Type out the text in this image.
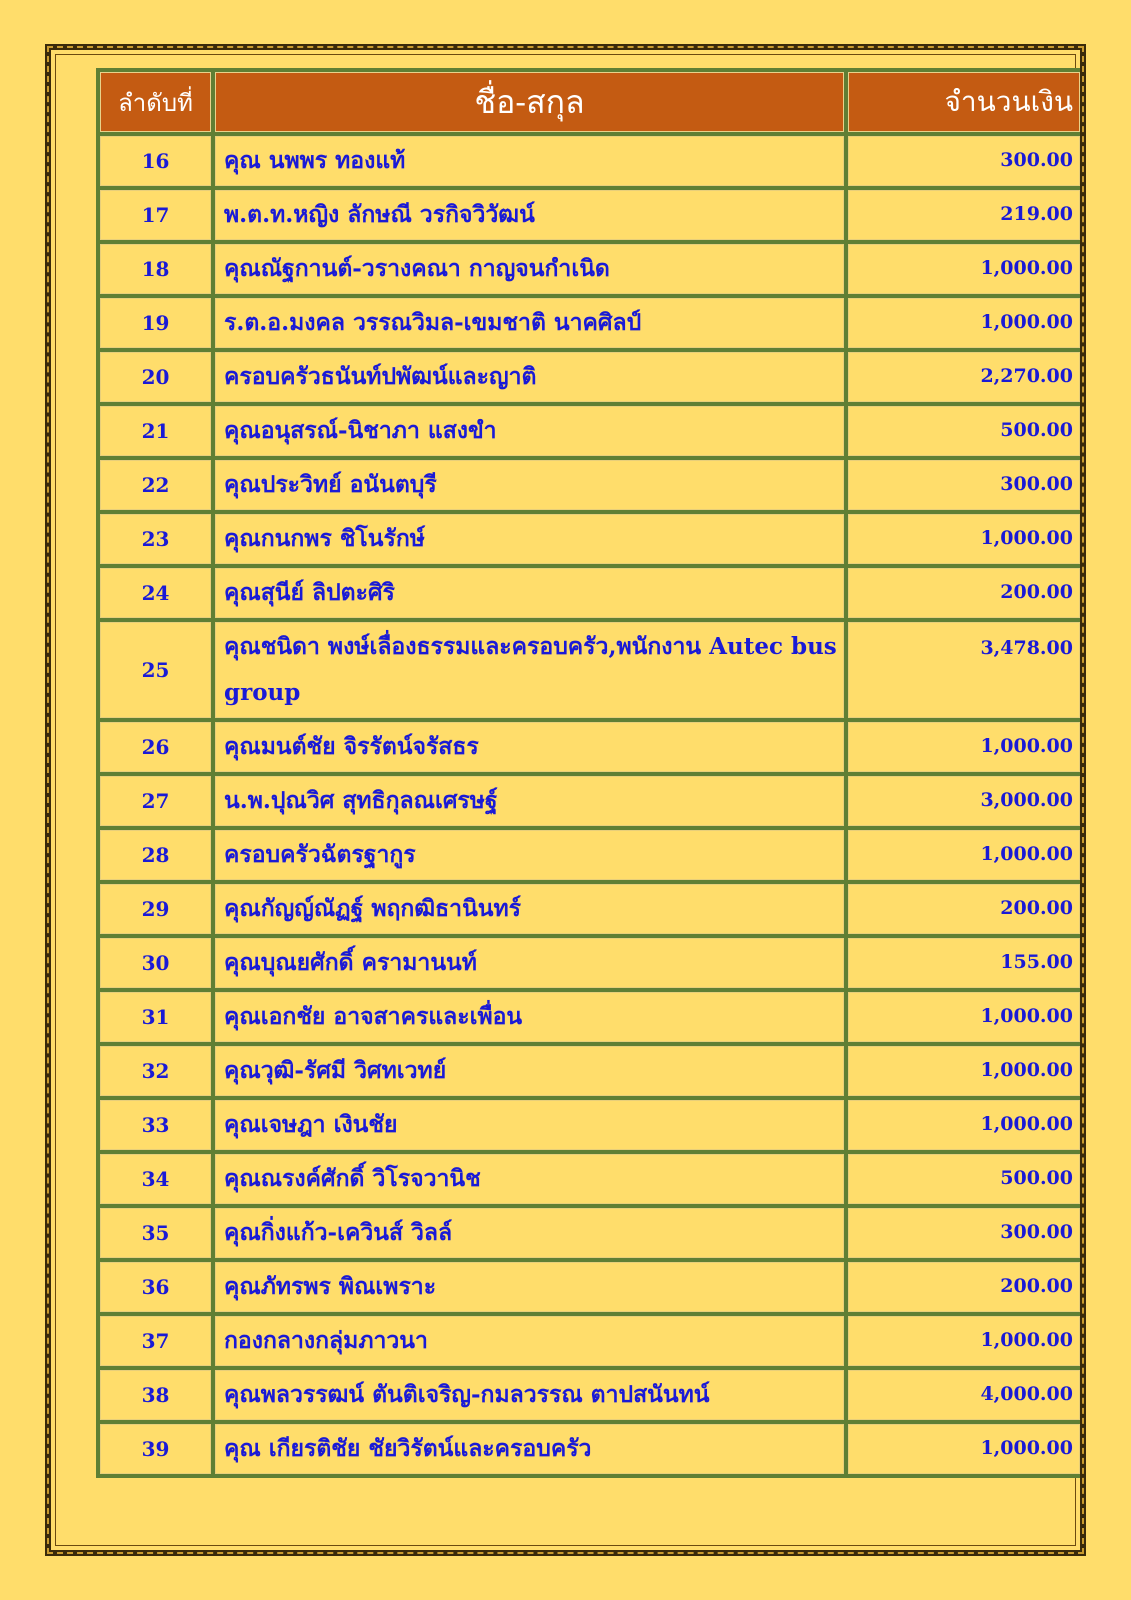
ลำดับที่	ชื่อ-สกุล	จำนวนเงิน
16	คุณ นพพร ทองแท้	300.00
17	พ.ต.ท.หญิง ลักษณี วรกิจวิวัฒน์	219.00
18	คุณณัฐกานต์-วรางคณา กาญจนกำเนิด	1,000.00
19	ร.ต.อ.มงคล วรรณวิมล-เขมชาติ นาคศิลป์	1,000.00
20	ครอบครัวธนันท์ปพัฒน์และญาติ	2,270.00
21	คุณอนุสรณ์-นิชาภา แสงขำ	500.00
22	คุณประวิทย์ อนันตบุรี	300.00
23	คุณกนกพร ชิโนรักษ์	1,000.00
24	คุณสุนีย์ ลิปตะศิริ	200.00
25	คุณชนิดา พงษ์เลื่องธรรมและครอบครัว,พนักงาน Autec bus group	3,478.00
26	คุณมนต์ชัย จิรรัตน์จรัสธร	1,000.00
27	น.พ.ปุณวิศ สุทธิกุลณเศรษฐ์	3,000.00
28	ครอบครัวฉัตรฐากูร	1,000.00
29	คุณกัญญ์ณัฏฐ์ พฤกฒิธานินทร์	200.00
30	คุณบุณยศักดิ์ ครามานนท์	155.00
31	คุณเอกชัย อาจสาครและเพื่อน	1,000.00
32	คุณวุฒิ-รัศมี วิศทเวทย์	1,000.00
33	คุณเจษฎา เงินชัย	1,000.00
34	คุณณรงค์ศักดิ์ วิโรจวานิช	500.00
35	คุณกิ่งแก้ว-เควินส์ วิลล์	300.00
36	คุณภัทรพร พิณเพราะ	200.00
37	กองกลางกลุ่มภาวนา	1,000.00
38	คุณพลวรรฒน์ ตันติเจริญ-กมลวรรณ ตาปสนันทน์	4,000.00
39	คุณ เกียรติชัย ชัยวิรัตน์และครอบครัว	1,000.00
